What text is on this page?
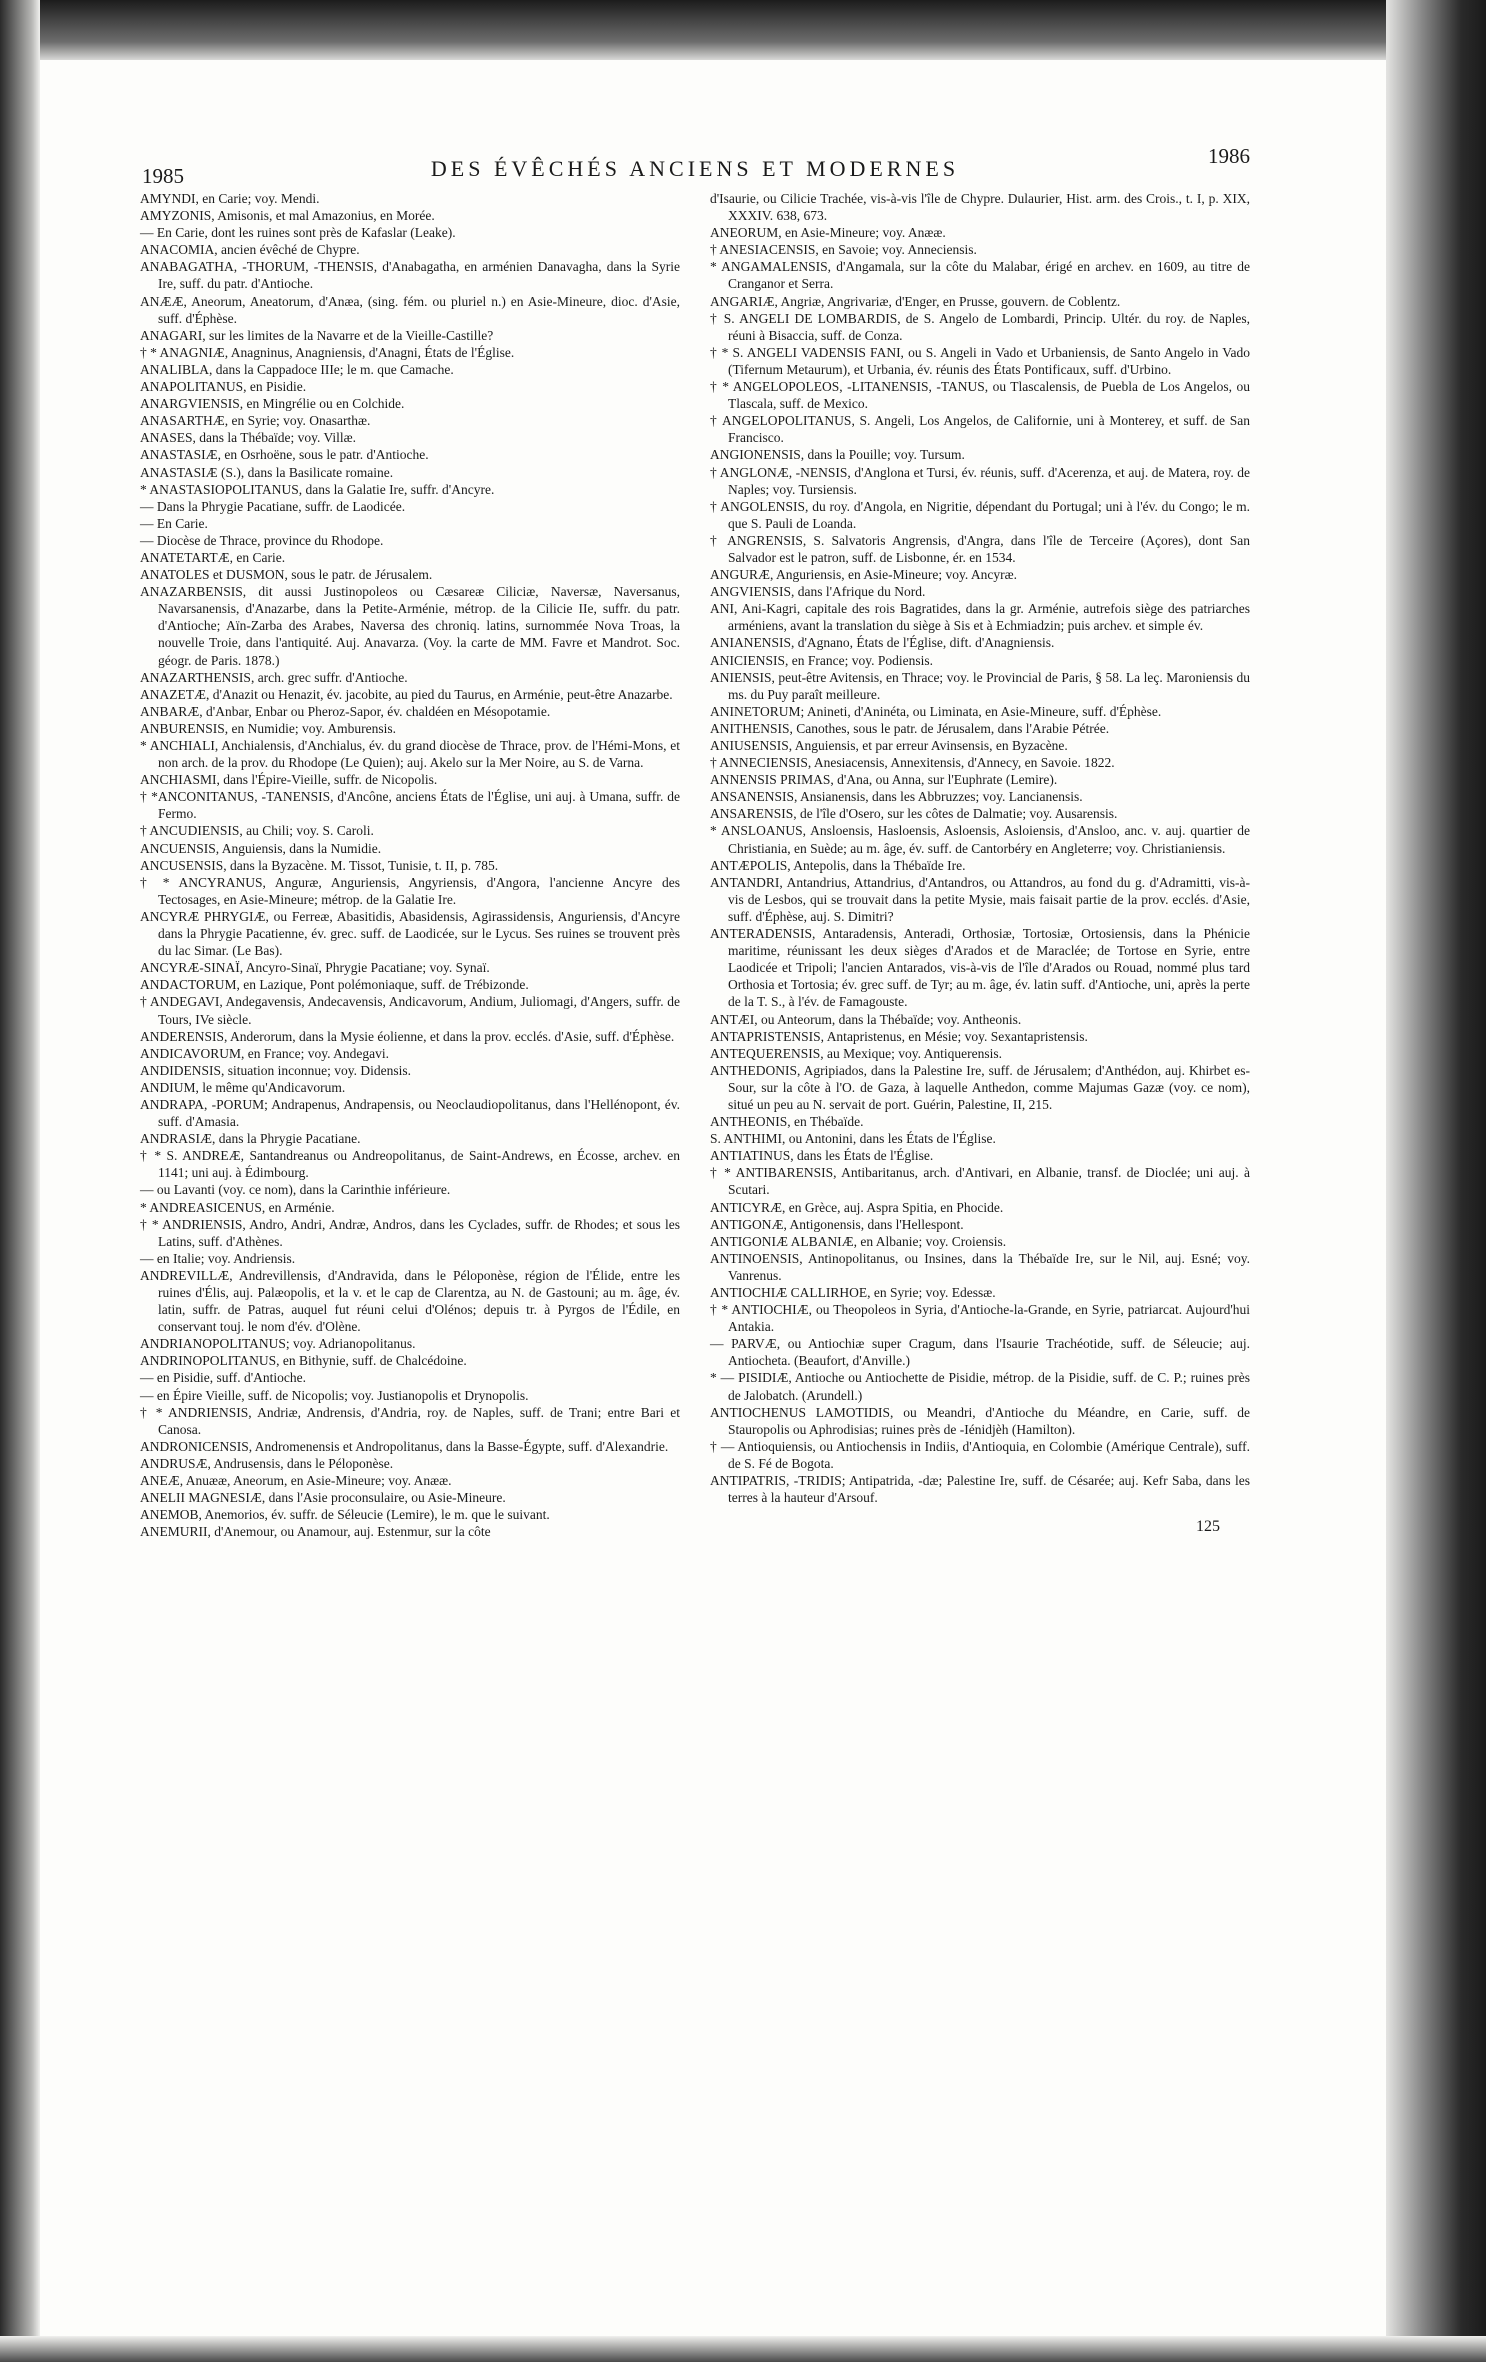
1985	DES ÉVÊCHÉS ANCIENS ET MODERNES	1986

AMYNDI, en Carie; voy. Mendi.

AMYZONIS, Amisonis, et mal Amazonius, en Morée.

— En Carie, dont les ruines sont près de Kafaslar (Leake).

ANACOMIA, ancien évêché de Chypre.

ANABAGATHA, -THORUM, -THENSIS, d'Anabagatha, en arménien Danavagha, dans la Syrie Ire, suff. du patr. d'Antioche.

ANÆÆ, Aneorum, Aneatorum, d'Anæa, (sing. fém. ou pluriel n.) en Asie-Mineure, dioc. d'Asie, suff. d'Éphèse.

ANAGARI, sur les limites de la Navarre et de la Vieille-Castille?

† * ANAGNIÆ, Anagninus, Anagniensis, d'Anagni, États de l'Église.

ANALIBLA, dans la Cappadoce IIIe; le m. que Camache.

ANAPOLITANUS, en Pisidie.

ANARGVIENSIS, en Mingrélie ou en Colchide.

ANASARTHÆ, en Syrie; voy. Onasarthæ.

ANASES, dans la Thébaïde; voy. Villæ.

ANASTASIÆ, en Osrhoëne, sous le patr. d'Antioche.

ANASTASIÆ (S.), dans la Basilicate romaine.

* ANASTASIOPOLITANUS, dans la Galatie Ire, suffr. d'Ancyre.

— Dans la Phrygie Pacatiane, suffr. de Laodicée.

— En Carie.

— Diocèse de Thrace, province du Rhodope.

ANATETARTÆ, en Carie.

ANATOLES et DUSMON, sous le patr. de Jérusalem.

ANAZARBENSIS, dit aussi Justinopoleos ou Cæsareæ Ciliciæ, Naversæ, Naversanus, Navarsanensis, d'Anazarbe, dans la Petite-Arménie, métrop. de la Cilicie IIe, suffr. du patr. d'Antioche; Aïn-Zarba des Arabes, Naversa des chroniq. latins, surnommée Nova Troas, la nouvelle Troie, dans l'antiquité. Auj. Anavarza. (Voy. la carte de MM. Favre et Mandrot. Soc. géogr. de Paris. 1878.)

ANAZARTHENSIS, arch. grec suffr. d'Antioche.

ANAZETÆ, d'Anazit ou Henazit, év. jacobite, au pied du Taurus, en Arménie, peut-être Anazarbe.

ANBARÆ, d'Anbar, Enbar ou Pheroz-Sapor, év. chaldéen en Mésopotamie.

ANBURENSIS, en Numidie; voy. Amburensis.

* ANCHIALI, Anchialensis, d'Anchialus, év. du grand diocèse de Thrace, prov. de l'Hémi-Mons, et non arch. de la prov. du Rhodope (Le Quien); auj. Akelo sur la Mer Noire, au S. de Varna.

ANCHIASMI, dans l'Épire-Vieille, suffr. de Nicopolis.

† *ANCONITANUS, -TANENSIS, d'Ancône, anciens États de l'Église, uni auj. à Umana, suffr. de Fermo.

† ANCUDIENSIS, au Chili; voy. S. Caroli.

ANCUENSIS, Anguiensis, dans la Numidie.

ANCUSENSIS, dans la Byzacène. M. Tissot, Tunisie, t. II, p. 785.

† * ANCYRANUS, Anguræ, Anguriensis, Angyriensis, d'Angora, l'ancienne Ancyre des Tectosages, en Asie-Mineure; métrop. de la Galatie Ire.

ANCYRÆ PHRYGIÆ, ou Ferreæ, Abasitidis, Abasidensis, Agirassidensis, Anguriensis, d'Ancyre dans la Phrygie Pacatienne, év. grec. suff. de Laodicée, sur le Lycus. Ses ruines se trouvent près du lac Simar. (Le Bas).

ANCYRÆ-SINAÏ, Ancyro-Sinaï, Phrygie Pacatiane; voy. Synaï.

ANDACTORUM, en Lazique, Pont polémoniaque, suff. de Trébizonde.

† ANDEGAVI, Andegavensis, Andecavensis, Andicavorum, Andium, Juliomagi, d'Angers, suffr. de Tours, IVe siècle.

ANDERENSIS, Anderorum, dans la Mysie éolienne, et dans la prov. ecclés. d'Asie, suff. d'Éphèse.

ANDICAVORUM, en France; voy. Andegavi.

ANDIDENSIS, situation inconnue; voy. Didensis.

ANDIUM, le même qu'Andicavorum.

ANDRAPA, -PORUM; Andrapenus, Andrapensis, ou Neoclaudiopolitanus, dans l'Hellénopont, év. suff. d'Amasia.

ANDRASIÆ, dans la Phrygie Pacatiane.

† * S. ANDREÆ, Santandreanus ou Andreopolitanus, de Saint-Andrews, en Écosse, archev. en 1141; uni auj. à Édimbourg.

— ou Lavanti (voy. ce nom), dans la Carinthie inférieure.

* ANDREASICENUS, en Arménie.

† * ANDRIENSIS, Andro, Andri, Andræ, Andros, dans les Cyclades, suffr. de Rhodes; et sous les Latins, suff. d'Athènes.

— en Italie; voy. Andriensis.

ANDREVILLÆ, Andrevillensis, d'Andravida, dans le Péloponèse, région de l'Élide, entre les ruines d'Élis, auj. Palæopolis, et la v. et le cap de Clarentza, au N. de Gastouni; au m. âge, év. latin, suffr. de Patras, auquel fut réuni celui d'Olénos; depuis tr. à Pyrgos de l'Édile, en conservant touj. le nom d'év. d'Olène.

ANDRIANOPOLITANUS; voy. Adrianopolitanus.

ANDRINOPOLITANUS, en Bithynie, suff. de Chalcédoine.

— en Pisidie, suff. d'Antioche.

— en Épire Vieille, suff. de Nicopolis; voy. Justianopolis et Drynopolis.

† * ANDRIENSIS, Andriæ, Andrensis, d'Andria, roy. de Naples, suff. de Trani; entre Bari et Canosa.

ANDRONICENSIS, Andromenensis et Andropolitanus, dans la Basse-Égypte, suff. d'Alexandrie.

ANDRUSÆ, Andrusensis, dans le Péloponèse.

ANEÆ, Anuææ, Aneorum, en Asie-Mineure; voy. Anææ.

ANELII MAGNESIÆ, dans l'Asie proconsulaire, ou Asie-Mineure.

ANEMOB, Anemorios, év. suffr. de Séleucie (Lemire), le m. que le suivant.

ANEMURII, d'Anemour, ou Anamour, auj. Estenmur, sur la côte

d'Isaurie, ou Cilicie Trachée, vis-à-vis l'île de Chypre. Dulaurier, Hist. arm. des Crois., t. I, p. XIX, XXXIV. 638, 673.

ANEORUM, en Asie-Mineure; voy. Anææ.

† ANESIACENSIS, en Savoie; voy. Anneciensis.

* ANGAMALENSIS, d'Angamala, sur la côte du Malabar, érigé en archev. en 1609, au titre de Cranganor et Serra.

ANGARIÆ, Angriæ, Angrivariæ, d'Enger, en Prusse, gouvern. de Coblentz.

† S. ANGELI DE LOMBARDIS, de S. Angelo de Lombardi, Princip. Ultér. du roy. de Naples, réuni à Bisaccia, suff. de Conza.

† * S. ANGELI VADENSIS FANI, ou S. Angeli in Vado et Urbaniensis, de Santo Angelo in Vado (Tifernum Metaurum), et Urbania, év. réunis des États Pontificaux, suff. d'Urbino.

† * ANGELOPOLEOS, -LITANENSIS, -TANUS, ou Tlascalensis, de Puebla de Los Angelos, ou Tlascala, suff. de Mexico.

† ANGELOPOLITANUS, S. Angeli, Los Angelos, de Californie, uni à Monterey, et suff. de San Francisco.

ANGIONENSIS, dans la Pouille; voy. Tursum.

† ANGLONÆ, -NENSIS, d'Anglona et Tursi, év. réunis, suff. d'Acerenza, et auj. de Matera, roy. de Naples; voy. Tursiensis.

† ANGOLENSIS, du roy. d'Angola, en Nigritie, dépendant du Portugal; uni à l'év. du Congo; le m. que S. Pauli de Loanda.

† ANGRENSIS, S. Salvatoris Angrensis, d'Angra, dans l'île de Terceire (Açores), dont San Salvador est le patron, suff. de Lisbonne, ér. en 1534.

ANGURÆ, Anguriensis, en Asie-Mineure; voy. Ancyræ.

ANGVIENSIS, dans l'Afrique du Nord.

ANI, Ani-Kagri, capitale des rois Bagratides, dans la gr. Arménie, autrefois siège des patriarches arméniens, avant la translation du siège à Sis et à Echmiadzin; puis archev. et simple év.

ANIANENSIS, d'Agnano, États de l'Église, dift. d'Anagniensis.

ANICIENSIS, en France; voy. Podiensis.

ANIENSIS, peut-être Avitensis, en Thrace; voy. le Provincial de Paris, § 58. La leç. Maroniensis du ms. du Puy paraît meilleure.

ANINETORUM; Anineti, d'Aninéta, ou Liminata, en Asie-Mineure, suff. d'Éphèse.

ANITHENSIS, Canothes, sous le patr. de Jérusalem, dans l'Arabie Pétrée.

ANIUSENSIS, Anguiensis, et par erreur Avinsensis, en Byzacène.

† ANNECIENSIS, Anesiacensis, Annexitensis, d'Annecy, en Savoie. 1822.

ANNENSIS PRIMAS, d'Ana, ou Anna, sur l'Euphrate (Lemire).

ANSANENSIS, Ansianensis, dans les Abbruzzes; voy. Lancianensis.

ANSARENSIS, de l'île d'Osero, sur les côtes de Dalmatie; voy. Ausarensis.

* ANSLOANUS, Ansloensis, Hasloensis, Asloensis, Asloiensis, d'Ansloo, anc. v. auj. quartier de Christiania, en Suède; au m. âge, év. suff. de Cantorbéry en Angleterre; voy. Christianiensis.

ANTÆPOLIS, Antepolis, dans la Thébaïde Ire.

ANTANDRI, Antandrius, Attandrius, d'Antandros, ou Attandros, au fond du g. d'Adramitti, vis-à-vis de Lesbos, qui se trouvait dans la petite Mysie, mais faisait partie de la prov. ecclés. d'Asie, suff. d'Éphèse, auj. S. Dimitri?

ANTERADENSIS, Antaradensis, Anteradi, Orthosiæ, Tortosiæ, Ortosiensis, dans la Phénicie maritime, réunissant les deux sièges d'Arados et de Maraclée; de Tortose en Syrie, entre Laodicée et Tripoli; l'ancien Antarados, vis-à-vis de l'île d'Arados ou Rouad, nommé plus tard Orthosia et Tortosia; év. grec suff. de Tyr; au m. âge, év. latin suff. d'Antioche, uni, après la perte de la T. S., à l'év. de Famagouste.

ANTÆI, ou Anteorum, dans la Thébaïde; voy. Antheonis.

ANTAPRISTENSIS, Antapristenus, en Mésie; voy. Sexantapristensis.

ANTEQUERENSIS, au Mexique; voy. Antiquerensis.

ANTHEDONIS, Agripiados, dans la Palestine Ire, suff. de Jérusalem; d'Anthédon, auj. Khirbet es-Sour, sur la côte à l'O. de Gaza, à laquelle Anthedon, comme Majumas Gazæ (voy. ce nom), situé un peu au N. servait de port. Guérin, Palestine, II, 215.

ANTHEONIS, en Thébaïde.

S. ANTHIMI, ou Antonini, dans les États de l'Église.

ANTIATINUS, dans les États de l'Église.

† * ANTIBARENSIS, Antibaritanus, arch. d'Antivari, en Albanie, transf. de Dioclée; uni auj. à Scutari.

ANTICYRÆ, en Grèce, auj. Aspra Spitia, en Phocide.

ANTIGONÆ, Antigonensis, dans l'Hellespont.

ANTIGONIÆ ALBANIÆ, en Albanie; voy. Croiensis.

ANTINOENSIS, Antinopolitanus, ou Insines, dans la Thébaïde Ire, sur le Nil, auj. Esné; voy. Vanrenus.

ANTIOCHIÆ CALLIRHOE, en Syrie; voy. Edessæ.

† * ANTIOCHIÆ, ou Theopoleos in Syria, d'Antioche-la-Grande, en Syrie, patriarcat. Aujourd'hui Antakia.

— PARVÆ, ou Antiochiæ super Cragum, dans l'Isaurie Trachéotide, suff. de Séleucie; auj. Antiocheta. (Beaufort, d'Anville.)

* — PISIDIÆ, Antioche ou Antiochette de Pisidie, métrop. de la Pisidie, suff. de C. P.; ruines près de Jalobatch. (Arundell.)

ANTIOCHENUS LAMOTIDIS, ou Meandri, d'Antioche du Méandre, en Carie, suff. de Stauropolis ou Aphrodisias; ruines près de -Iénidjèh (Hamilton).

† — Antioquiensis, ou Antiochensis in Indiis, d'Antioquia, en Colombie (Amérique Centrale), suff. de S. Fé de Bogota.

ANTIPATRIS, -TRIDIS; Antipatrida, -dæ; Palestine Ire, suff. de Césarée; auj. Kefr Saba, dans les terres à la hauteur d'Arsouf.

125
